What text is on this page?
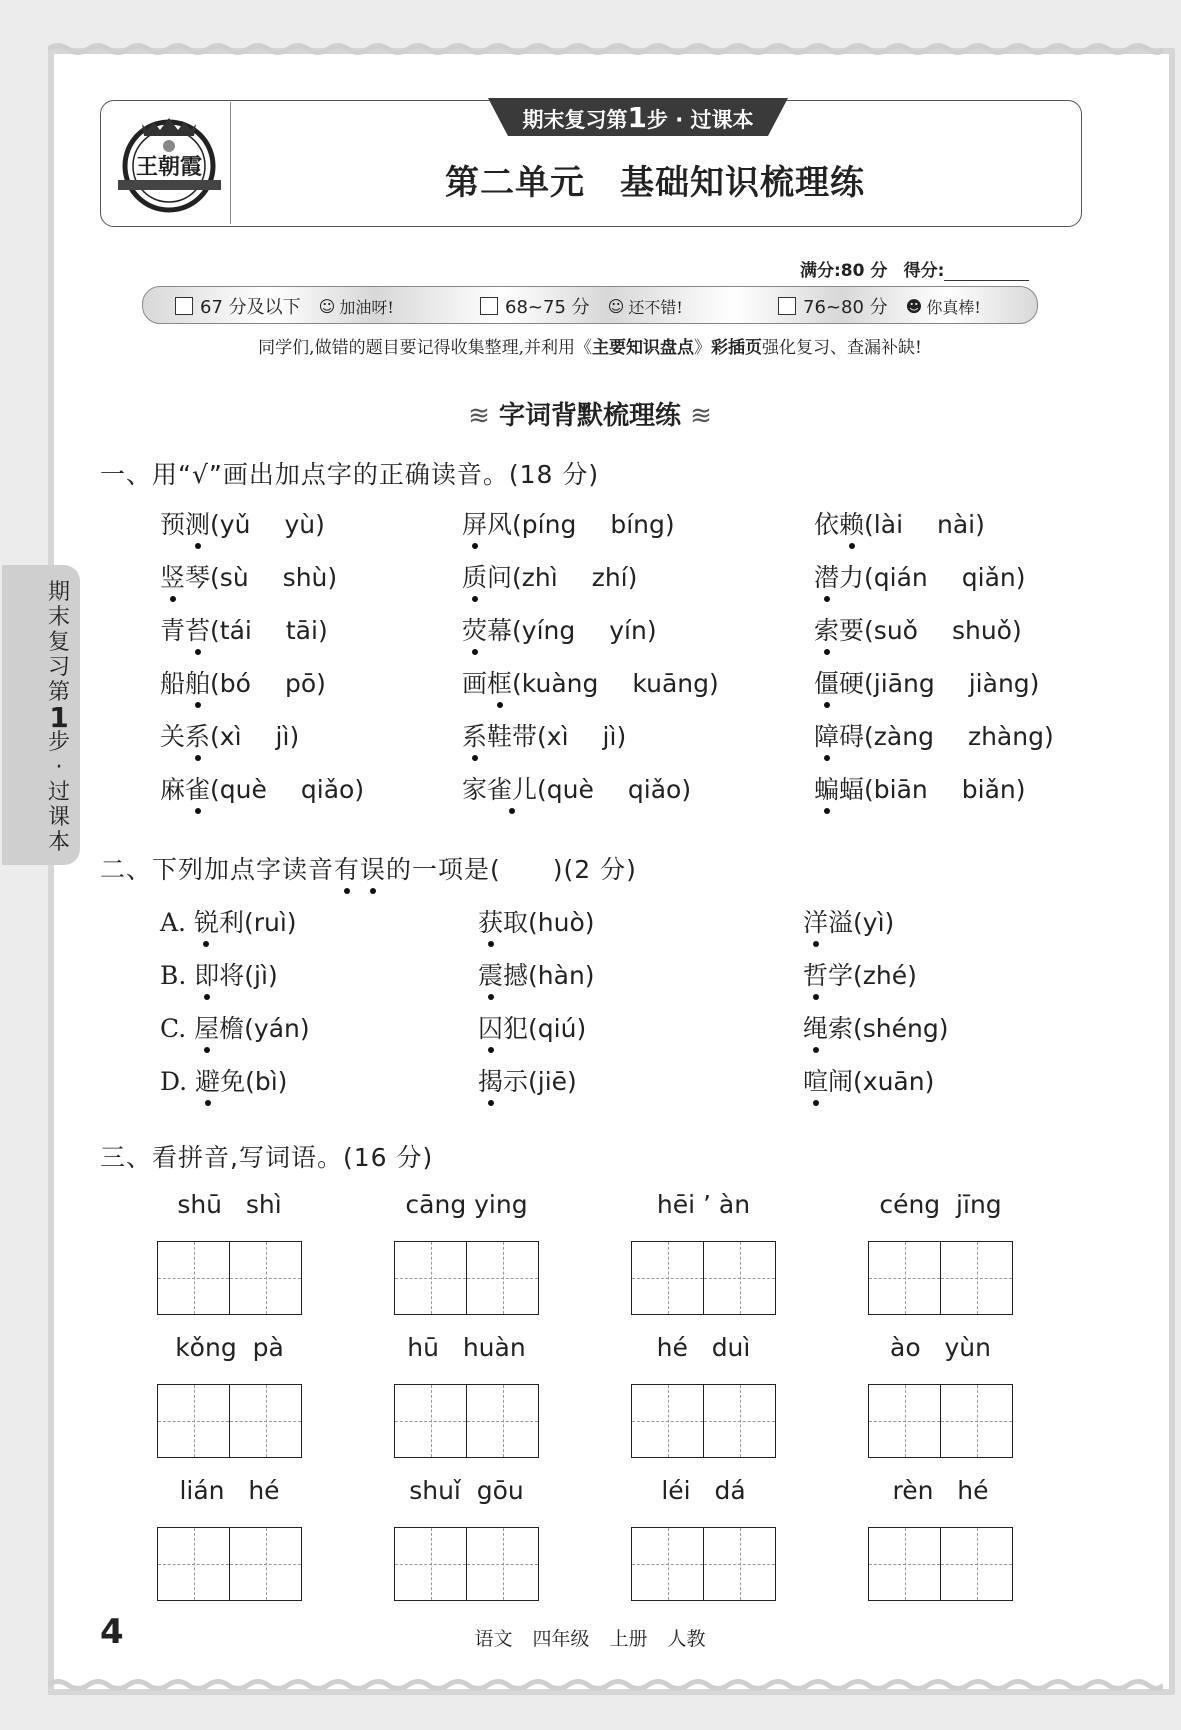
期
末
复
习
第
1
步
·
过
课
本
王朝霞
期末复习第1步 · 过课本
第二单元　基础知识梳理练
满分:80 分 得分:
67 分及以下 ☺ 加油呀!	68~75 分 ☺ 还不错!	76~80 分 ☻ 你真棒!
同学们,做错的题目要记得收集整理,并利用《主要知识盘点》彩插页强化复习、查漏补缺!
≋ 字词背默梳理练 ≋
一、用“√”画出加点字的正确读音。(18 分)
预测(yǔ yù)	屏风(píng bíng)	依赖(lài nài)
竖琴(sù shù)	质问(zhì zhí)	潜力(qián qiǎn)
青苔(tái tāi)	荧幕(yíng yín)	索要(suǒ shuǒ)
船舶(bó pō)	画框(kuàng kuāng)	僵硬(jiāng jiàng)
关系(xì jì)	系鞋带(xì jì)	障碍(zàng zhàng)
麻雀(què qiǎo)	家雀儿(què qiǎo)	蝙蝠(biān biǎn)
二、下列加点字读音有误的一项是(　　)(2 分)
A. 锐利(ruì)	获取(huò)	洋溢(yì)
B. 即将(jì)	震撼(hàn)	哲学(zhé)
C. 屋檐(yán)	囚犯(qiú)	绳索(shéng)
D. 避免(bì)	揭示(jiē)	喧闹(xuān)
三、看拼音,写词语。(16 分)
shū   shì	cāng ying	hēi ’ àn	céng  jīng
kǒng  pà	hū   huàn	hé   duì	ào   yùn
lián   hé	shuǐ  gōu	léi   dá	rèn   hé
4	语文 四年级 上册 人教
